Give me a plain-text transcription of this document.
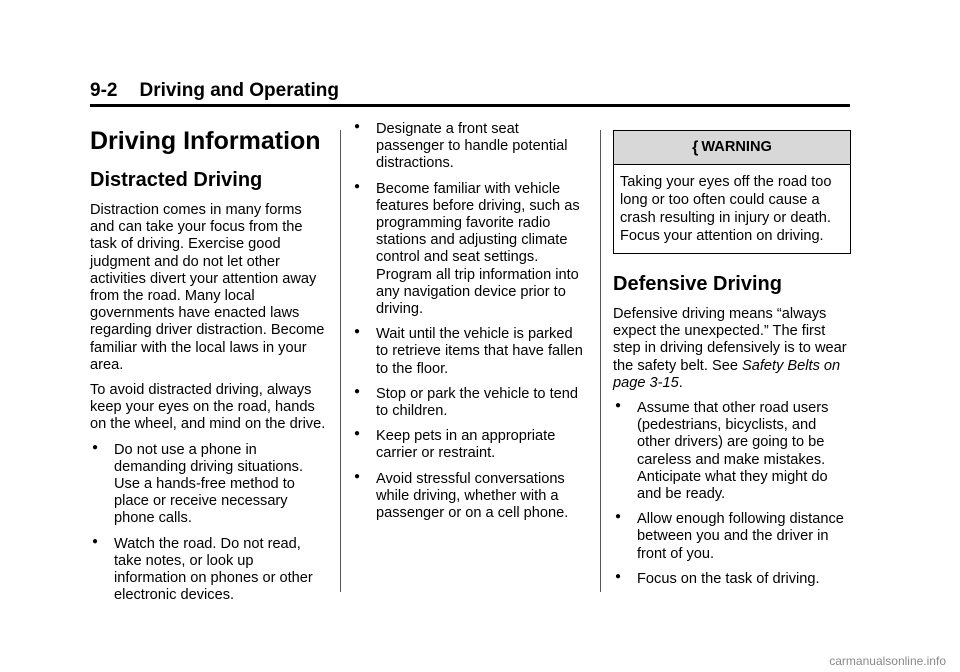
9-2 Driving and Operating
Driving Information
Distracted Driving

Distraction comes in many forms and can take your focus from the task of driving. Exercise good judgment and do not let other activities divert your attention away from the road. Many local governments have enacted laws regarding driver distraction. Become familiar with the local laws in your area.

To avoid distracted driving, always keep your eyes on the road, hands on the wheel, and mind on the drive.

● Do not use a phone in demanding driving situations. Use a hands-free method to place or receive necessary phone calls.
● Watch the road. Do not read, take notes, or look up information on phones or other electronic devices.
● Designate a front seat passenger to handle potential distractions.
● Become familiar with vehicle features before driving, such as programming favorite radio stations and adjusting climate control and seat settings. Program all trip information into any navigation device prior to driving.
● Wait until the vehicle is parked to retrieve items that have fallen to the floor.
● Stop or park the vehicle to tend to children.
● Keep pets in an appropriate carrier or restraint.
● Avoid stressful conversations while driving, whether with a passenger or on a cell phone.
{ WARNING
Taking your eyes off the road too long or too often could cause a crash resulting in injury or death. Focus your attention on driving.
Defensive Driving

Defensive driving means “always expect the unexpected.” The first step in driving defensively is to wear the safety belt. See Safety Belts on page 3-15.

● Assume that other road users (pedestrians, bicyclists, and other drivers) are going to be careless and make mistakes. Anticipate what they might do and be ready.
● Allow enough following distance between you and the driver in front of you.
● Focus on the task of driving.
carmanualsonline.info
